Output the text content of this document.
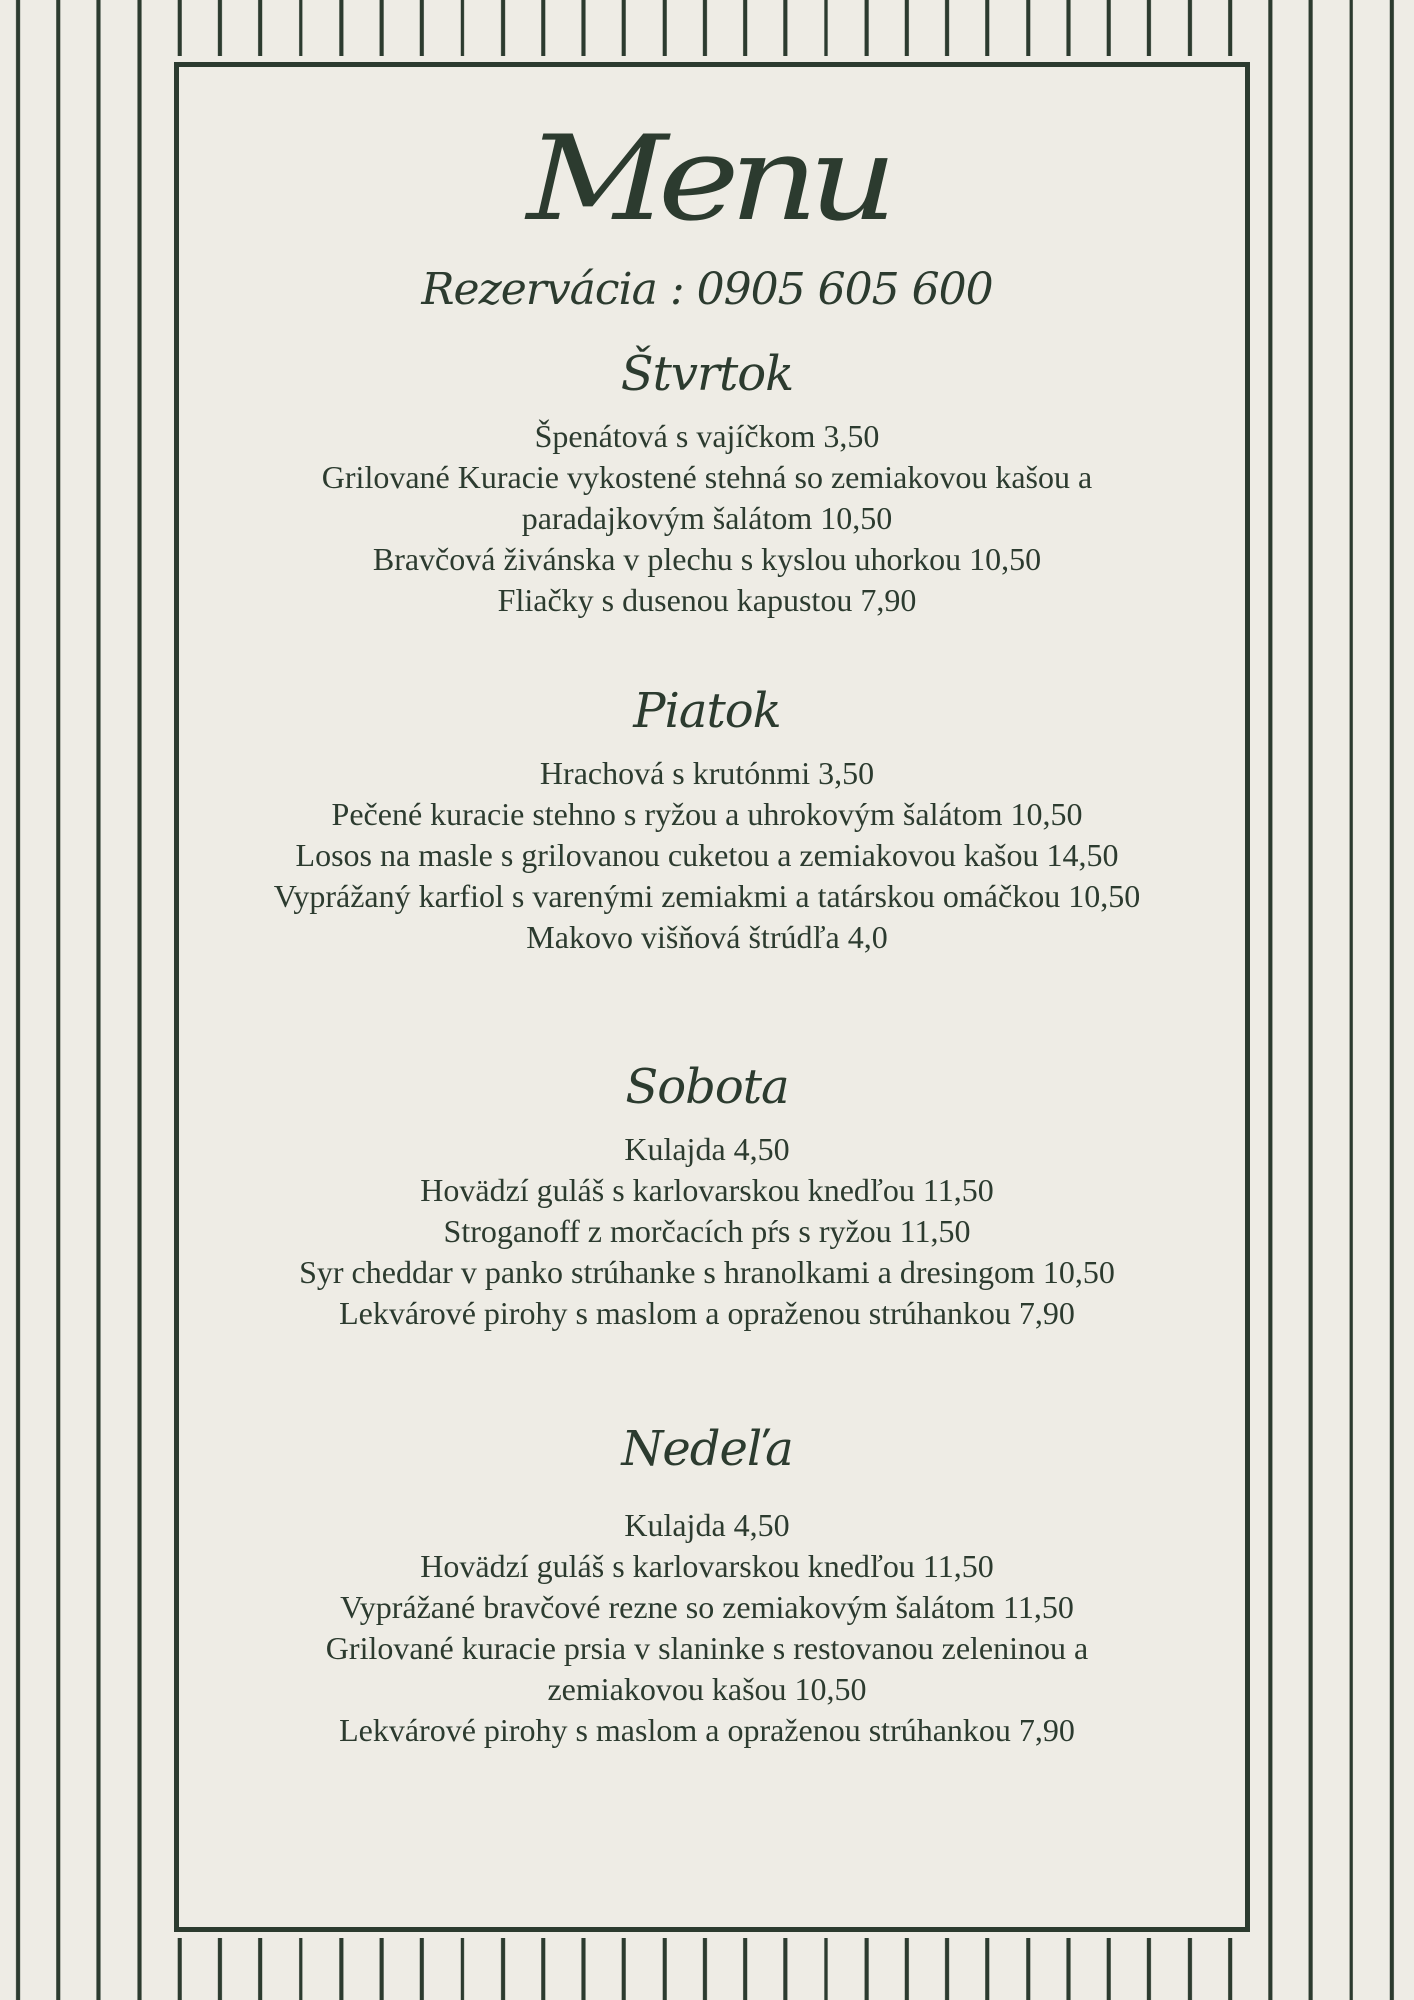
Menu
Rezervácia : 0905 605 600
Štvrtok
Špenátová s vajíčkom 3,50
Grilované Kuracie vykostené stehná so zemiakovou kašou a paradajkovým šalátom 10,50
Bravčová živánska v plechu s kyslou uhorkou 10,50
Fliačky s dusenou kapustou 7,90
Piatok
Hrachová s krutónmi 3,50
Pečené kuracie stehno s ryžou a uhrokovým šalátom 10,50
Losos na masle s grilovanou cuketou a zemiakovou kašou 14,50
Vyprážaný karfiol s varenými zemiakmi a tatárskou omáčkou 10,50
Makovo višňová štrúdľa 4,0
Sobota
Kulajda 4,50
Hovädzí guláš s karlovarskou knedľou 11,50
Stroganoff z morčacích pŕs s ryžou 11,50
Syr cheddar v panko strúhanke s hranolkami a dresingom 10,50
Lekvárové pirohy s maslom a opraženou strúhankou 7,90
Nedeľa
Kulajda 4,50
Hovädzí guláš s karlovarskou knedľou 11,50
Vyprážané bravčové rezne so zemiakovým šalátom 11,50
Grilované kuracie prsia v slaninke s restovanou zeleninou a zemiakovou kašou 10,50
Lekvárové pirohy s maslom a opraženou strúhankou 7,90
